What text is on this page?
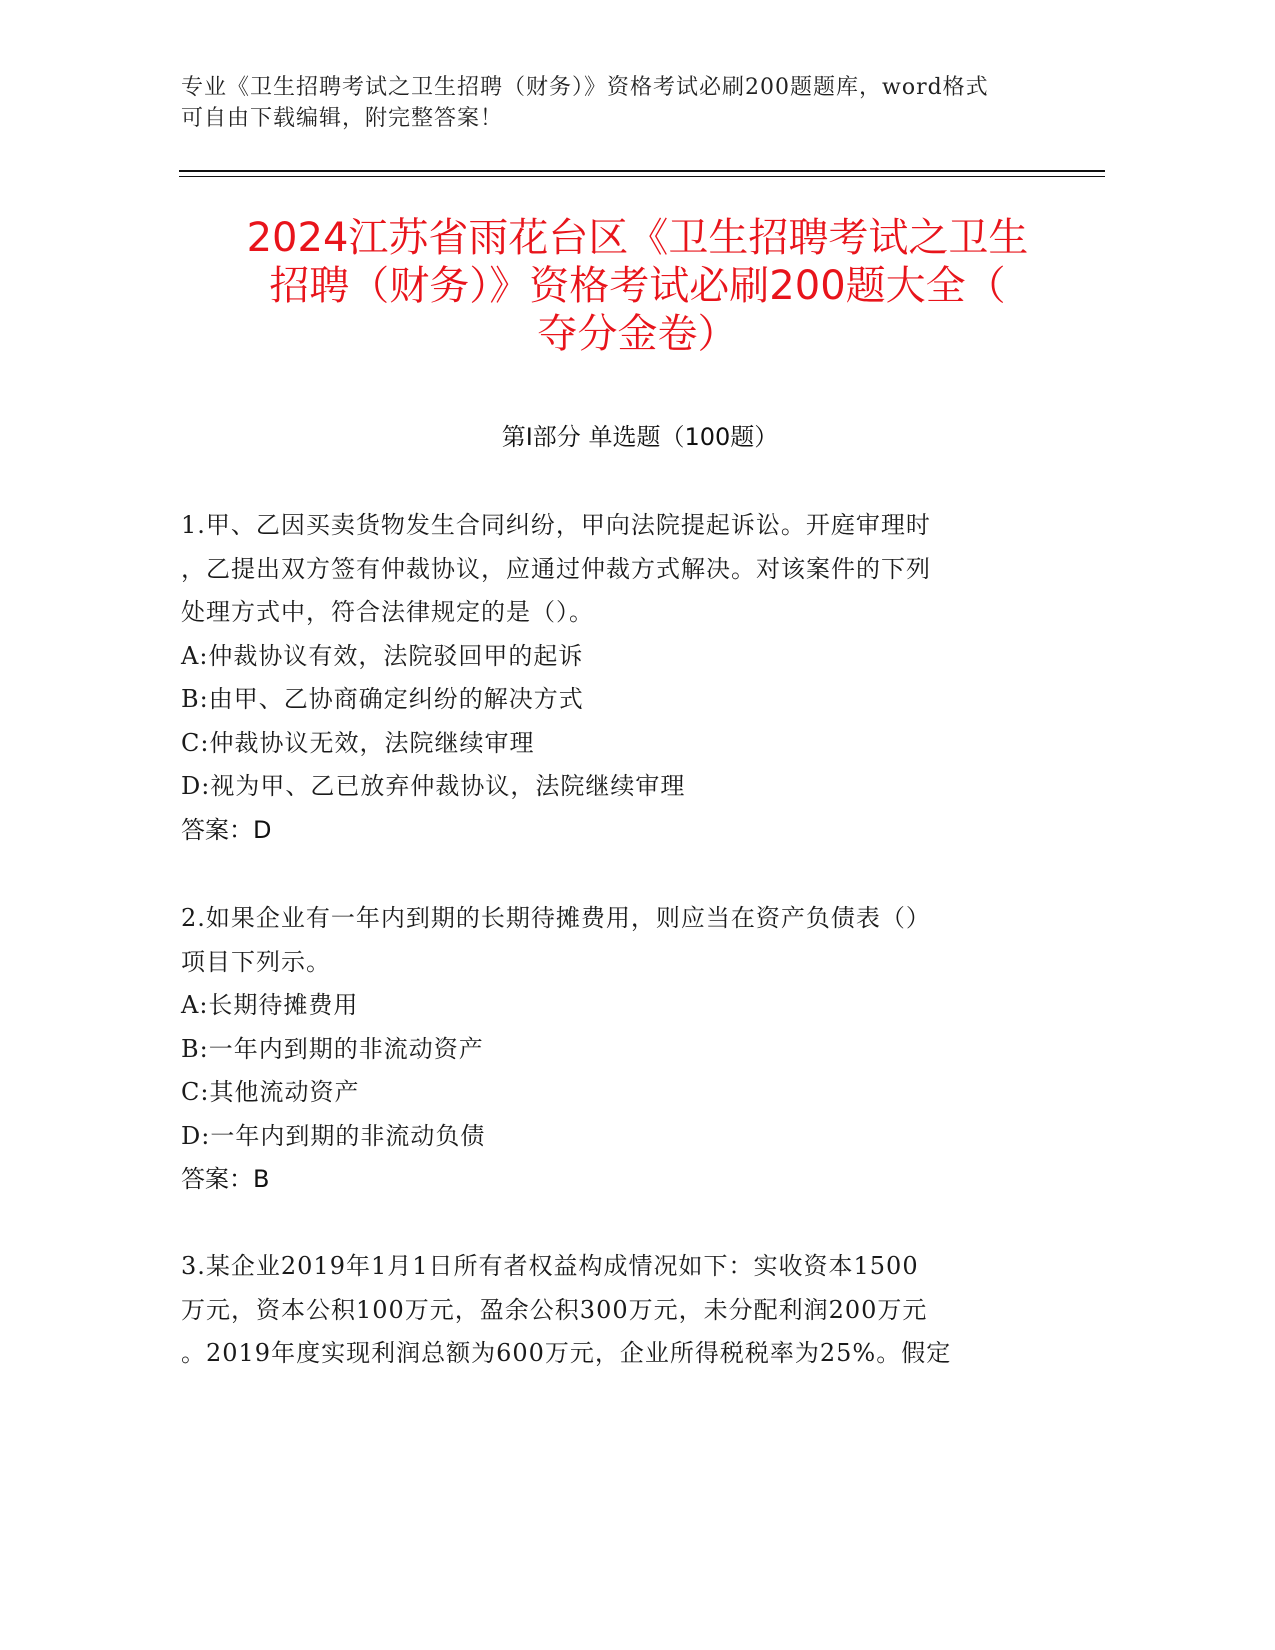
专业《卫生招聘考试之卫生招聘（财务）》资格考试必刷200题题库，word格式
可自由下载编辑，附完整答案！
2024江苏省雨花台区《卫生招聘考试之卫生
招聘（财务）》资格考试必刷200题大全（
夺分金卷）
第Ⅰ部分 单选题（100题）
1.甲、乙因买卖货物发生合同纠纷，甲向法院提起诉讼。开庭审理时
，乙提出双方签有仲裁协议，应通过仲裁方式解决。对该案件的下列
处理方式中，符合法律规定的是（）。
A:仲裁协议有效，法院驳回甲的起诉
B:由甲、乙协商确定纠纷的解决方式
C:仲裁协议无效，法院继续审理
D:视为甲、乙已放弃仲裁协议，法院继续审理
答案：D
2.如果企业有一年内到期的长期待摊费用，则应当在资产负债表（）
项目下列示。
A:长期待摊费用
B:一年内到期的非流动资产
C:其他流动资产
D:一年内到期的非流动负债
答案：B
3.某企业2019年1月1日所有者权益构成情况如下：实收资本1500
万元，资本公积100万元，盈余公积300万元，未分配利润200万元
。2019年度实现利润总额为600万元，企业所得税税率为25%。假定
